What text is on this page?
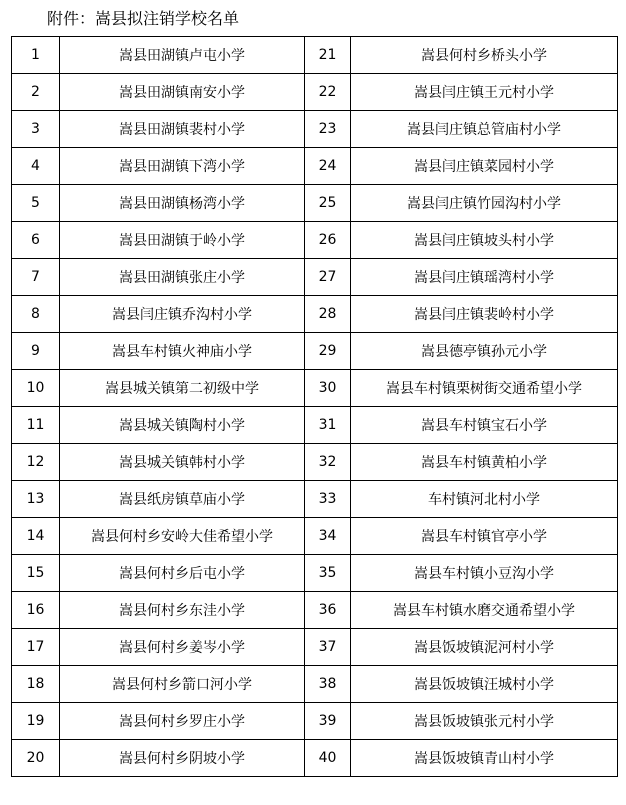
附件：嵩县拟注销学校名单
1	嵩县田湖镇卢屯小学	21	嵩县何村乡桥头小学
2	嵩县田湖镇南安小学	22	嵩县闫庄镇王元村小学
3	嵩县田湖镇裴村小学	23	嵩县闫庄镇总管庙村小学
4	嵩县田湖镇下湾小学	24	嵩县闫庄镇菜园村小学
5	嵩县田湖镇杨湾小学	25	嵩县闫庄镇竹园沟村小学
6	嵩县田湖镇于岭小学	26	嵩县闫庄镇坡头村小学
7	嵩县田湖镇张庄小学	27	嵩县闫庄镇瑶湾村小学
8	嵩县闫庄镇乔沟村小学	28	嵩县闫庄镇裴岭村小学
9	嵩县车村镇火神庙小学	29	嵩县德亭镇孙元小学
10	嵩县城关镇第二初级中学	30	嵩县车村镇栗树街交通希望小学
11	嵩县城关镇陶村小学	31	嵩县车村镇宝石小学
12	嵩县城关镇韩村小学	32	嵩县车村镇黄柏小学
13	嵩县纸房镇草庙小学	33	车村镇河北村小学
14	嵩县何村乡安岭大佳希望小学	34	嵩县车村镇官亭小学
15	嵩县何村乡后屯小学	35	嵩县车村镇小豆沟小学
16	嵩县何村乡东洼小学	36	嵩县车村镇水磨交通希望小学
17	嵩县何村乡姜岑小学	37	嵩县饭坡镇泥河村小学
18	嵩县何村乡箭口河小学	38	嵩县饭坡镇汪城村小学
19	嵩县何村乡罗庄小学	39	嵩县饭坡镇张元村小学
20	嵩县何村乡阴坡小学	40	嵩县饭坡镇青山村小学
